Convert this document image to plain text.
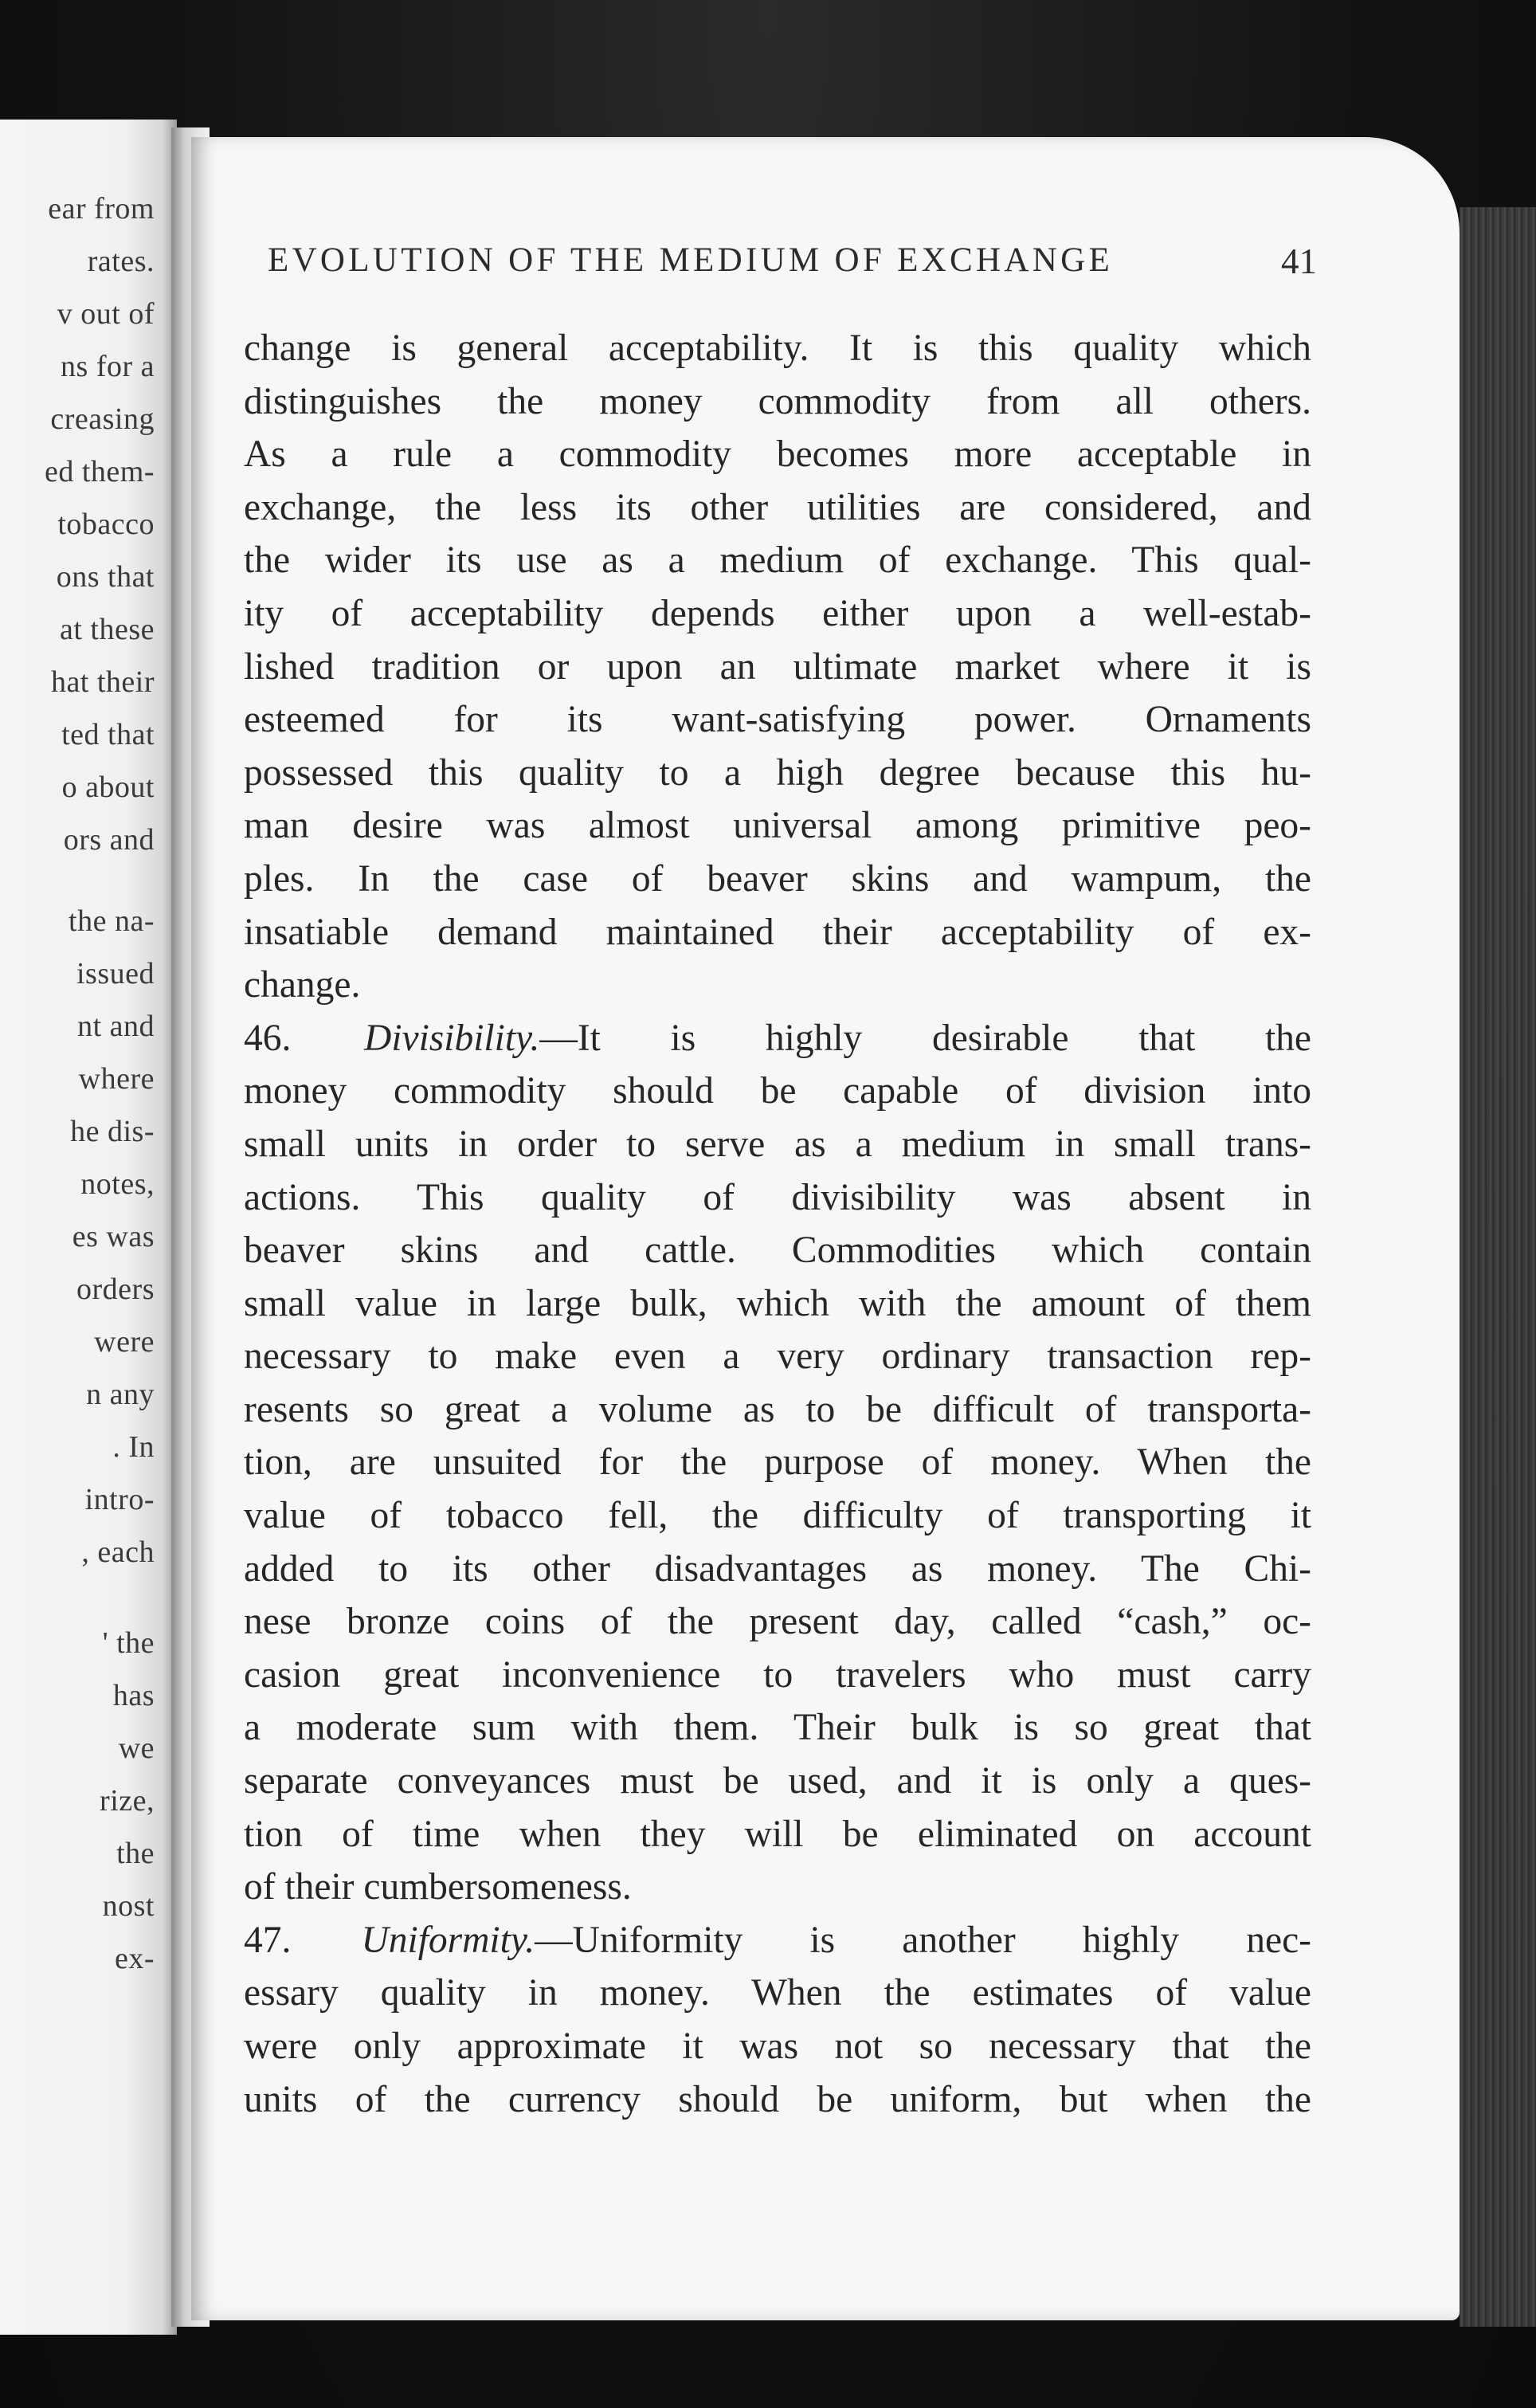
ear from
rates.
v out of
ns for a
creasing
ed them-
tobacco
ons that
at these
hat their
ted that
o about
ors and
the na-
issued
nt and
where
he dis-
notes,
es was
orders
were
n any
. In
intro-
, each
' the
has
we
rize,
the
nost
ex-
EVOLUTION OF THE MEDIUM OF EXCHANGE	41

change is general acceptability. It is this quality which

distinguishes the money commodity from all others.

As a rule a commodity becomes more acceptable in

exchange, the less its other utilities are considered, and

the wider its use as a medium of exchange. This qual-

ity of acceptability depends either upon a well-estab-

lished tradition or upon an ultimate market where it is

esteemed for its want-satisfying power. Ornaments

possessed this quality to a high degree because this hu-

man desire was almost universal among primitive peo-

ples. In the case of beaver skins and wampum, the

insatiable demand maintained their acceptability of ex-

change.

46.  Divisibility.—It is highly desirable that the

money commodity should be capable of division into

small units in order to serve as a medium in small trans-

actions. This quality of divisibility was absent in

beaver skins and cattle. Commodities which contain

small value in large bulk, which with the amount of them

necessary to make even a very ordinary transaction rep-

resents so great a volume as to be difficult of transporta-

tion, are unsuited for the purpose of money. When the

value of tobacco fell, the difficulty of transporting it

added to its other disadvantages as money. The Chi-

nese bronze coins of the present day, called “cash,” oc-

casion great inconvenience to travelers who must carry

a moderate sum with them. Their bulk is so great that

separate conveyances must be used, and it is only a ques-

tion of time when they will be eliminated on account

of their cumbersomeness.

47.  Uniformity.—Uniformity is another highly nec-

essary quality in money. When the estimates of value

were only approximate it was not so necessary that the

units of the currency should be uniform, but when the
